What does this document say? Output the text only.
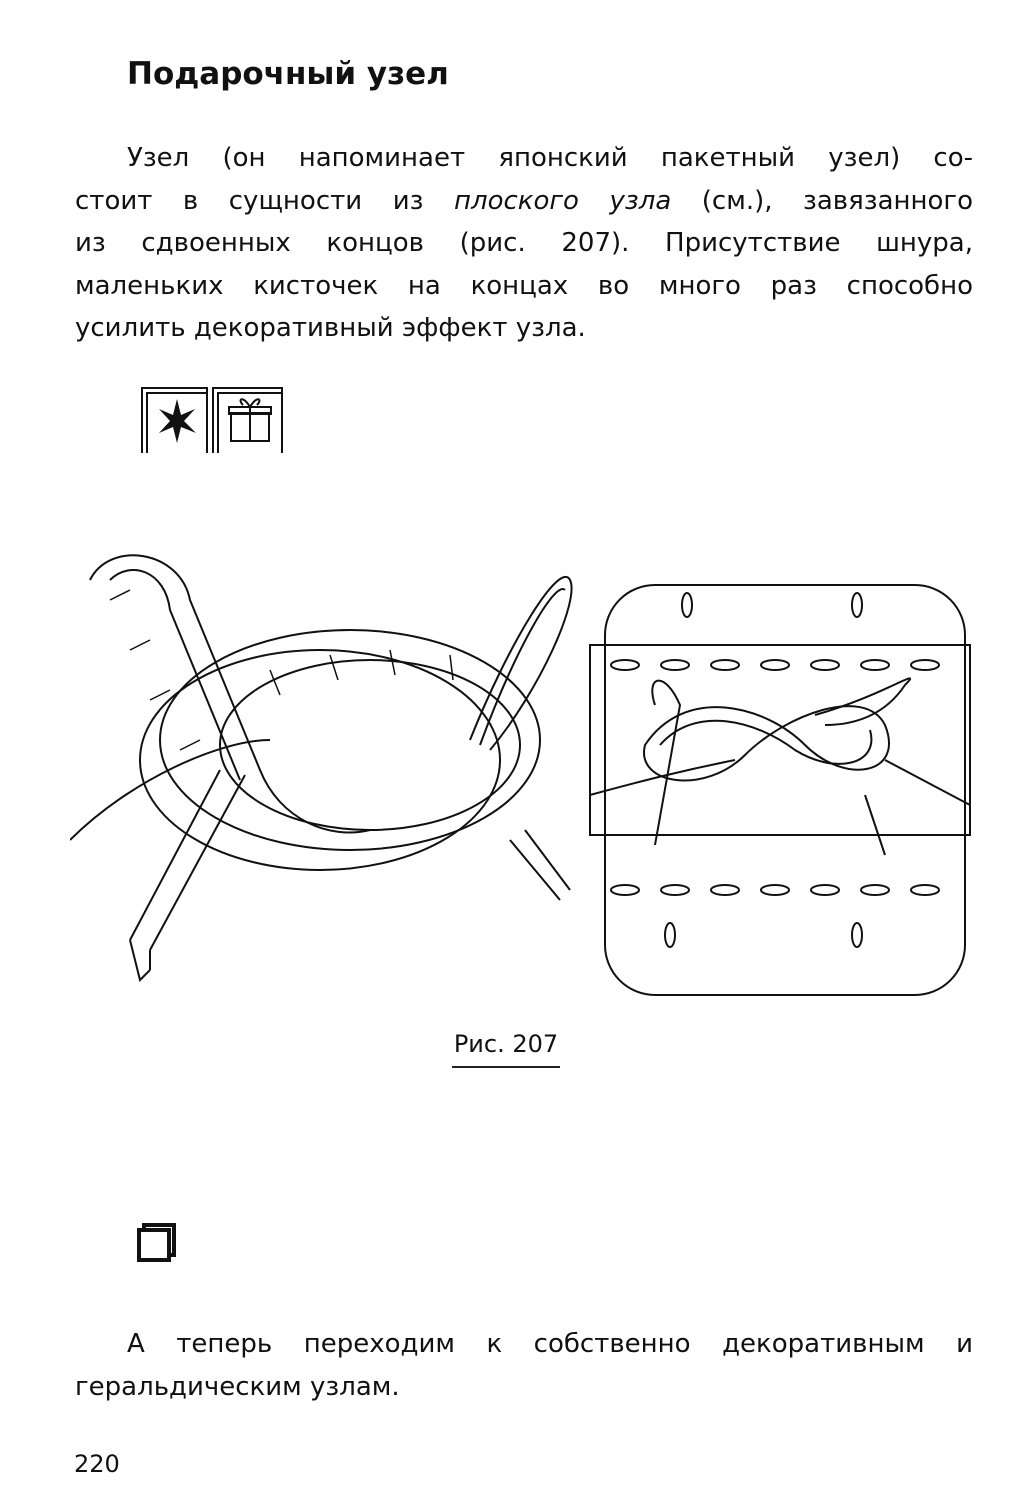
Подарочный узел
Узел (он напоминает японский пакетный узел) со-
стоит в сущности из плоского узла (см.), завязанного
из сдвоенных концов (рис. 207). Присутствие шнура,
маленьких кисточек на концах во много раз способно
усилить декоративный эффект узла.
Рис. 207
А теперь переходим к собственно декоративным и
геральдическим узлам.
220
